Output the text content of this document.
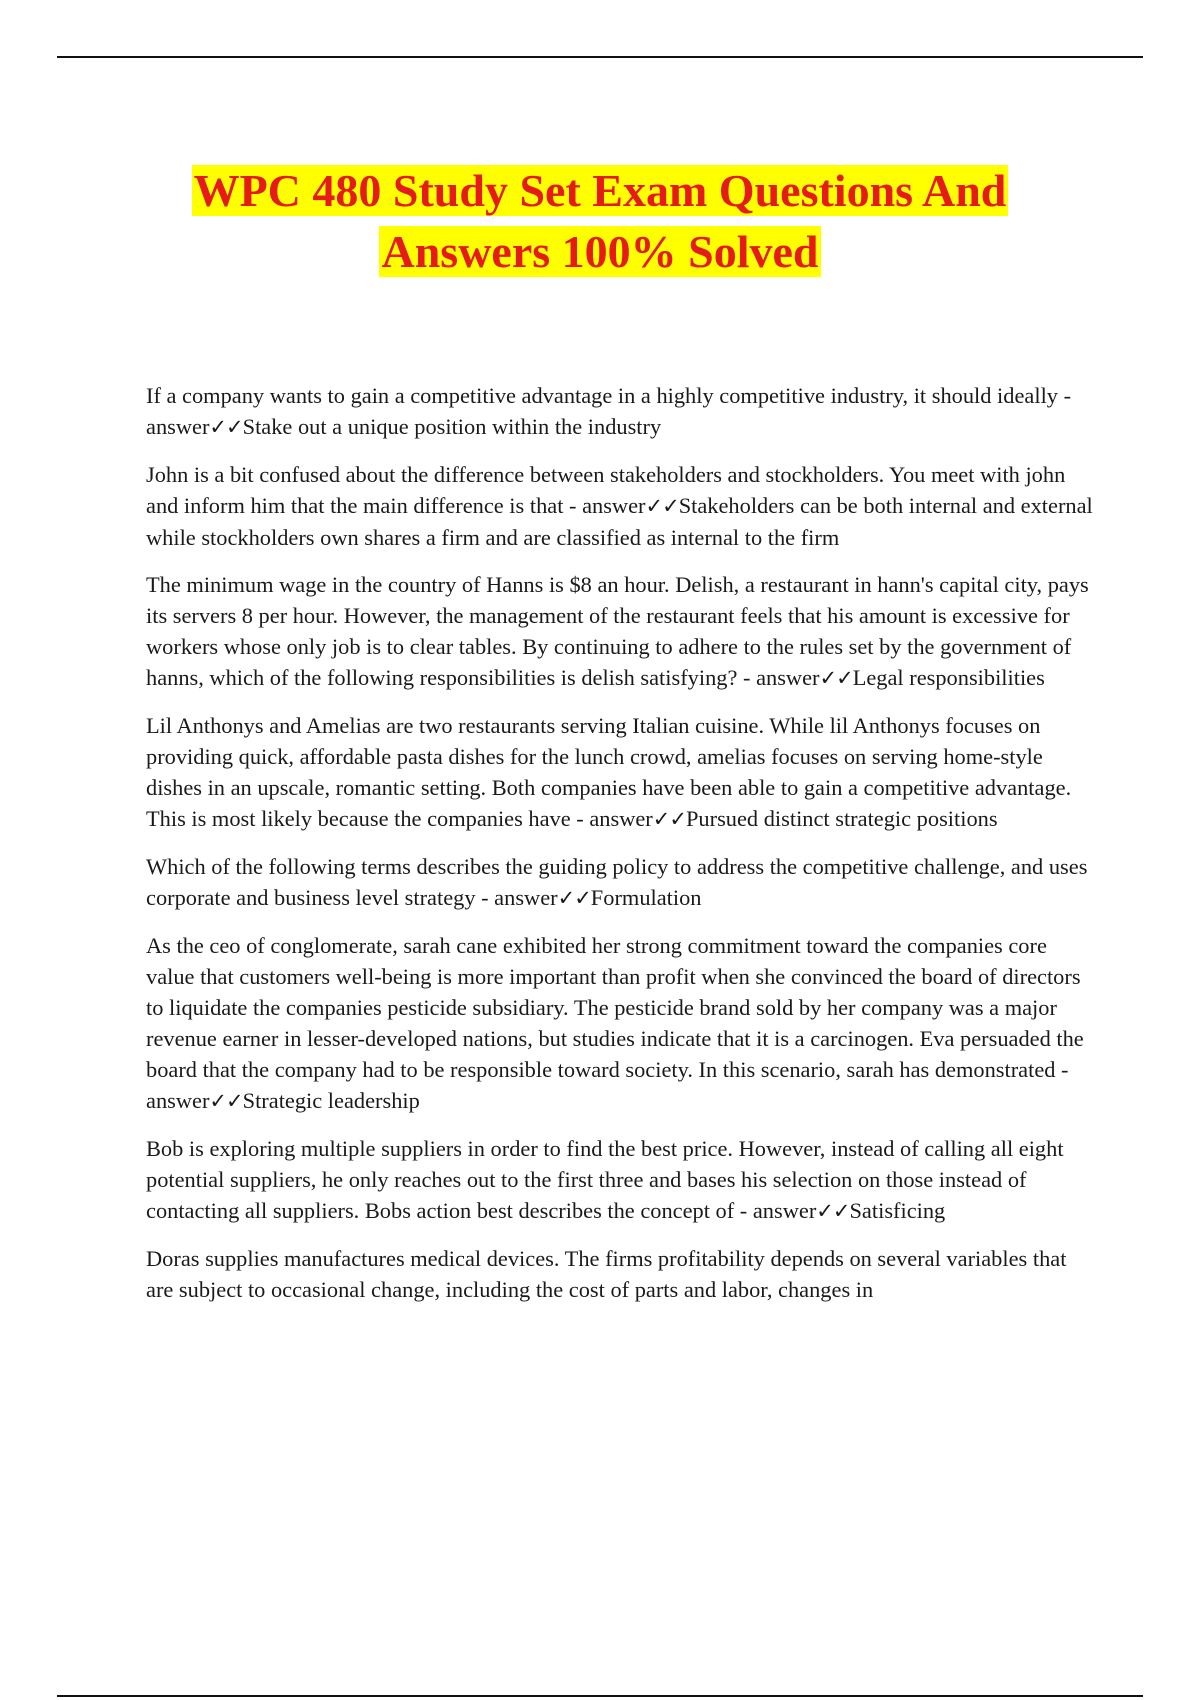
WPC 480 Study Set Exam Questions And
Answers 100% Solved
If a company wants to gain a competitive advantage in a highly competitive industry, it should ideally - answer✓✓Stake out a unique position within the industry
John is a bit confused about the difference between stakeholders and stockholders. You meet with john and inform him that the main difference is that - answer✓✓Stakeholders can be both internal and external while stockholders own shares a firm and are classified as internal to the firm
The minimum wage in the country of Hanns is $8 an hour. Delish, a restaurant in hann's capital city, pays its servers 8 per hour. However, the management of the restaurant feels that his amount is excessive for workers whose only job is to clear tables. By continuing to adhere to the rules set by the government of hanns, which of the following responsibilities is delish satisfying? - answer✓✓Legal responsibilities
Lil Anthonys and Amelias are two restaurants serving Italian cuisine. While lil Anthonys focuses on providing quick, affordable pasta dishes for the lunch crowd, amelias focuses on serving home-style dishes in an upscale, romantic setting. Both companies have been able to gain a competitive advantage. This is most likely because the companies have - answer✓✓Pursued distinct strategic positions
Which of the following terms describes the guiding policy to address the competitive challenge, and uses corporate and business level strategy - answer✓✓Formulation
As the ceo of conglomerate, sarah cane exhibited her strong commitment toward the companies core value that customers well-being is more important than profit when she convinced the board of directors to liquidate the companies pesticide subsidiary. The pesticide brand sold by her company was a major revenue earner in lesser-developed nations, but studies indicate that it is a carcinogen. Eva persuaded the board that the company had to be responsible toward society. In this scenario, sarah has demonstrated - answer✓✓Strategic leadership
Bob is exploring multiple suppliers in order to find the best price. However, instead of calling all eight potential suppliers, he only reaches out to the first three and bases his selection on those instead of contacting all suppliers. Bobs action best describes the concept of - answer✓✓Satisficing
Doras supplies manufactures medical devices. The firms profitability depends on several variables that are subject to occasional change, including the cost of parts and labor, changes in
